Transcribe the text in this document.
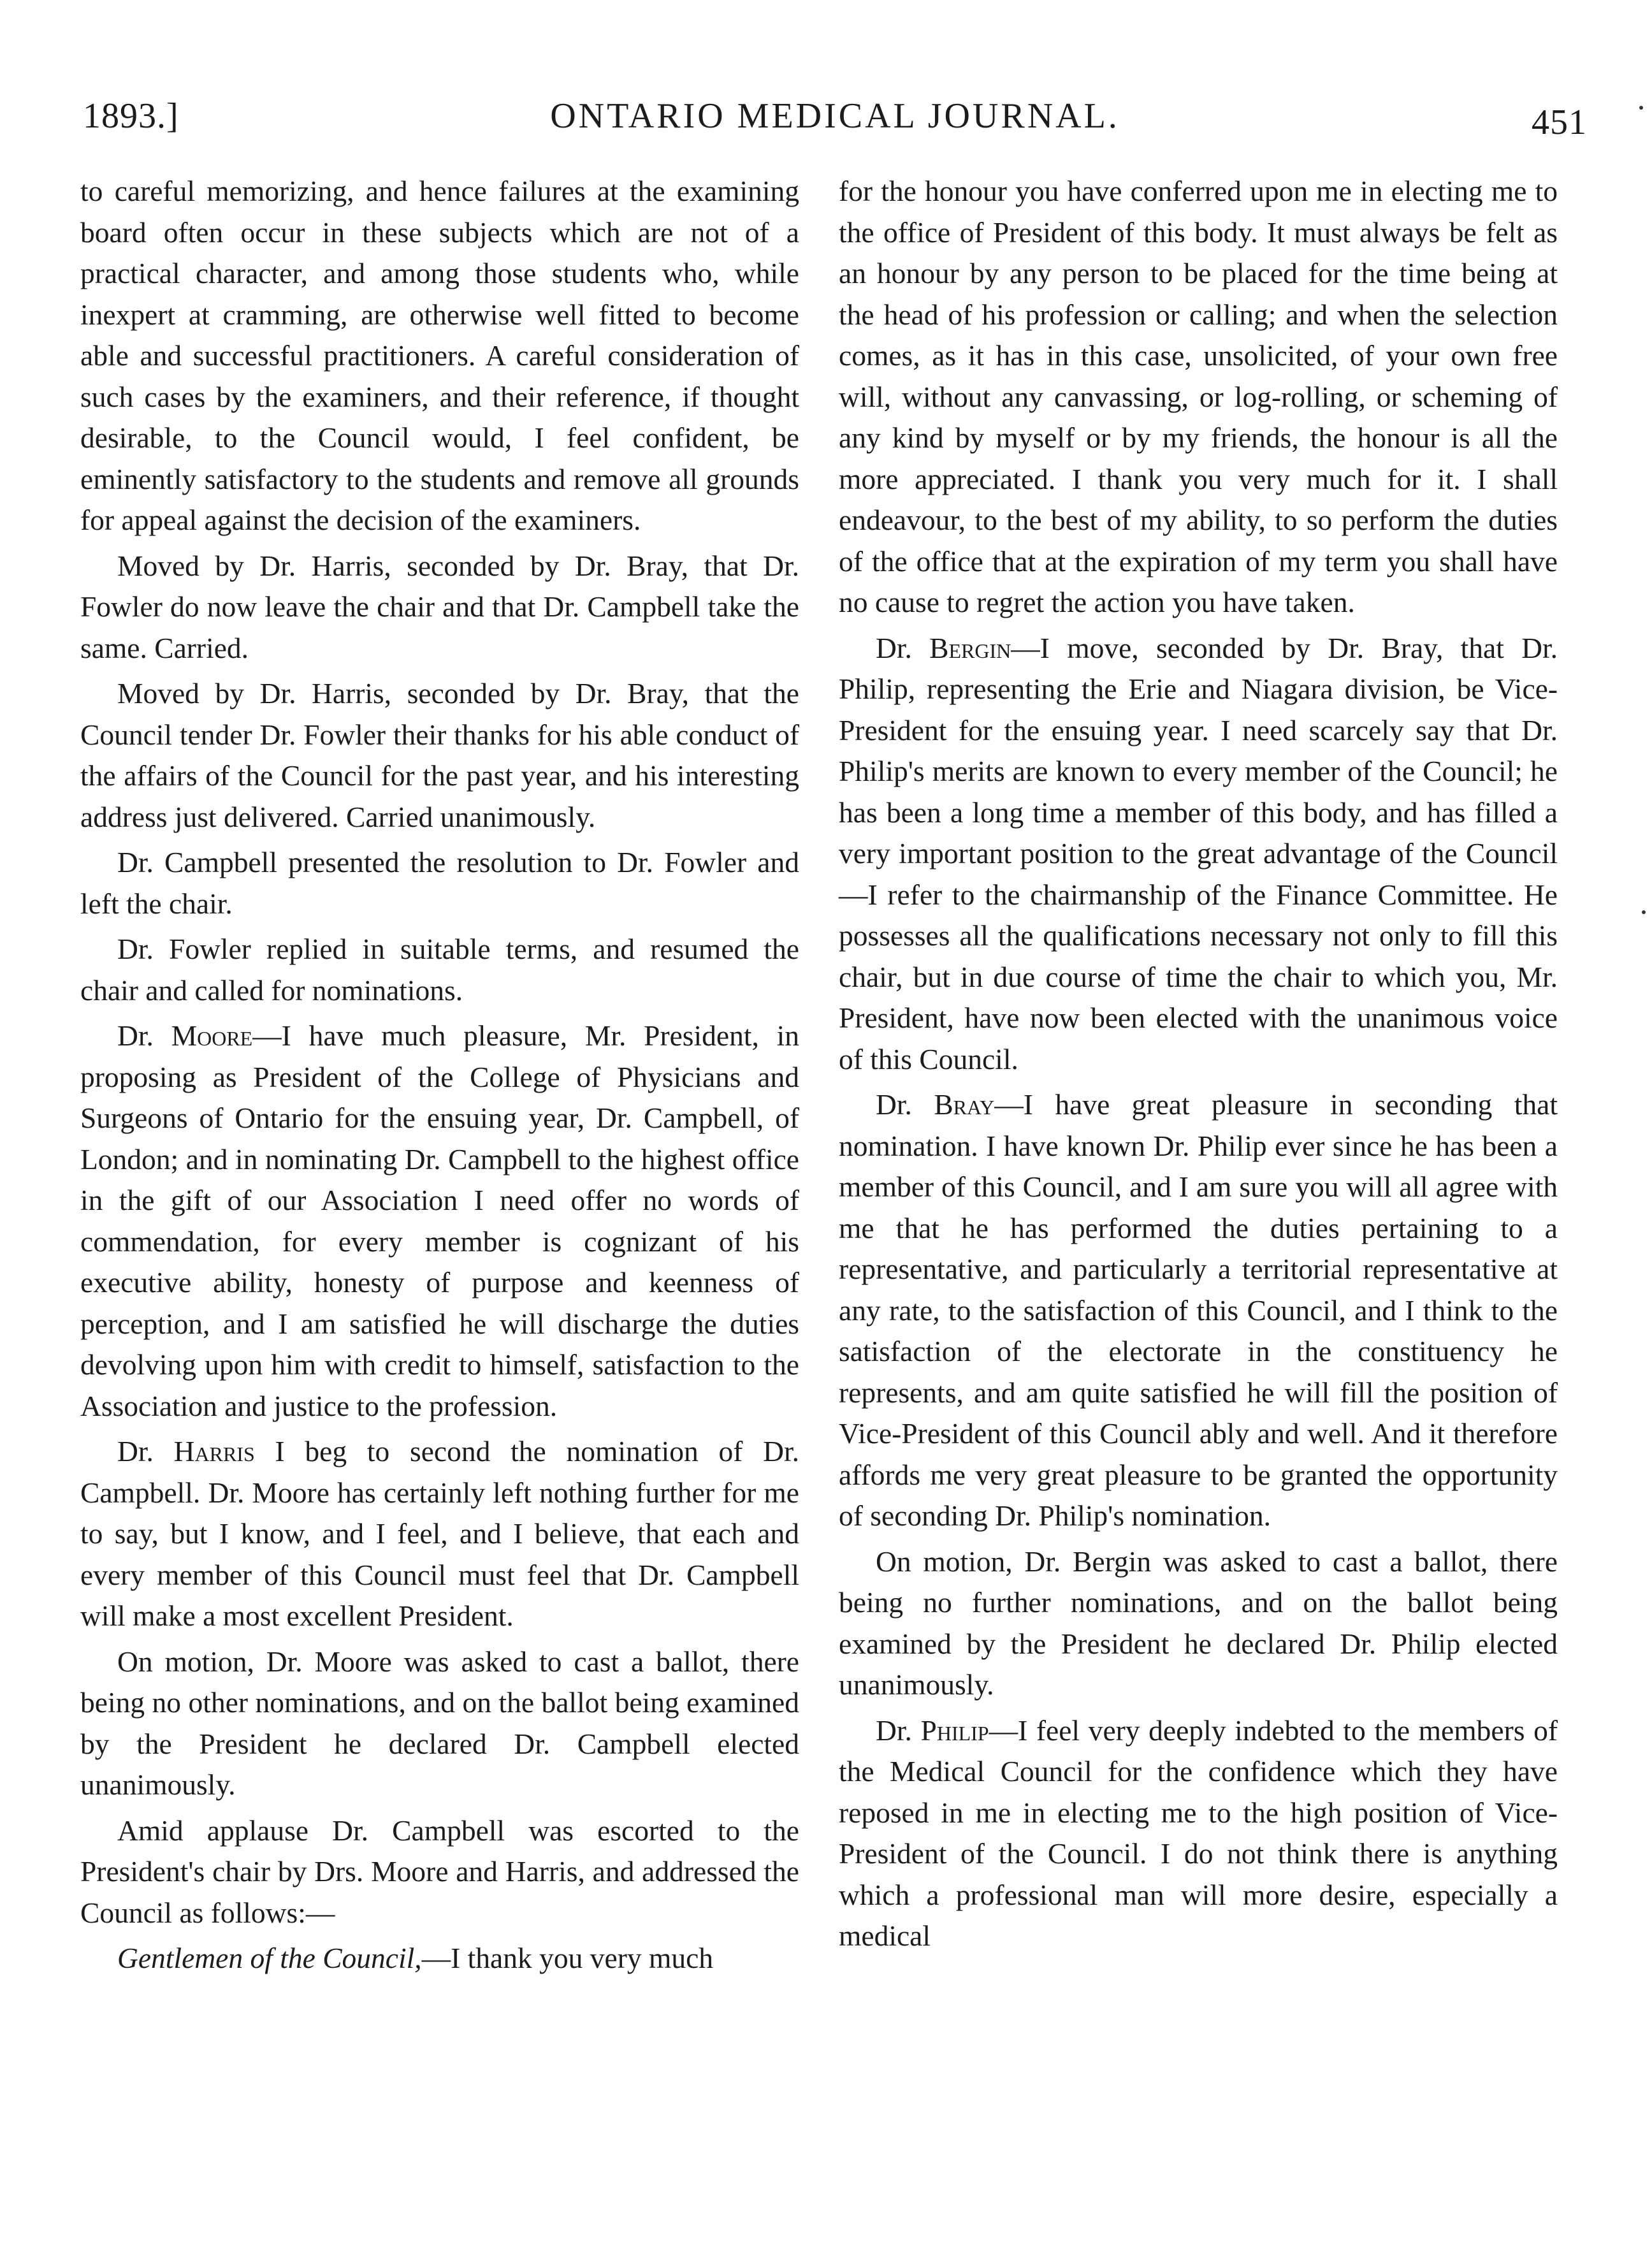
1893.]	ONTARIO MEDICAL JOURNAL.	451

to careful memorizing, and hence failures at the examining board often occur in these subjects which are not of a practical character, and among those students who, while inexpert at cramming, are otherwise well fitted to become able and successful practitioners. A careful consideration of such cases by the examiners, and their reference, if thought desirable, to the Council would, I feel confident, be eminently satisfactory to the students and remove all grounds for appeal against the decision of the examiners.

Moved by Dr. Harris, seconded by Dr. Bray, that Dr. Fowler do now leave the chair and that Dr. Campbell take the same. Carried.

Moved by Dr. Harris, seconded by Dr. Bray, that the Council tender Dr. Fowler their thanks for his able conduct of the affairs of the Council for the past year, and his interesting address just delivered. Carried unanimously.

Dr. Campbell presented the resolution to Dr. Fowler and left the chair.

Dr. Fowler replied in suitable terms, and resumed the chair and called for nominations.

Dr. Moore—I have much pleasure, Mr. President, in proposing as President of the College of Physicians and Surgeons of Ontario for the ensuing year, Dr. Campbell, of London; and in nominating Dr. Campbell to the highest office in the gift of our Association I need offer no words of commendation, for every member is cognizant of his executive ability, honesty of purpose and keenness of perception, and I am satisfied he will discharge the duties devolving upon him with credit to himself, satisfaction to the Association and justice to the profession.

Dr. Harris I beg to second the nomination of Dr. Campbell. Dr. Moore has certainly left nothing further for me to say, but I know, and I feel, and I believe, that each and every member of this Council must feel that Dr. Campbell will make a most excellent President.

On motion, Dr. Moore was asked to cast a ballot, there being no other nominations, and on the ballot being examined by the President he declared Dr. Campbell elected unanimously.

Amid applause Dr. Campbell was escorted to the President's chair by Drs. Moore and Harris, and addressed the Council as follows:—

Gentlemen of the Council,—I thank you very much

for the honour you have conferred upon me in electing me to the office of President of this body. It must always be felt as an honour by any person to be placed for the time being at the head of his profession or calling; and when the selection comes, as it has in this case, unsolicited, of your own free will, without any canvassing, or log-rolling, or scheming of any kind by myself or by my friends, the honour is all the more appreciated. I thank you very much for it. I shall endeavour, to the best of my ability, to so perform the duties of the office that at the expiration of my term you shall have no cause to regret the action you have taken.

Dr. Bergin—I move, seconded by Dr. Bray, that Dr. Philip, representing the Erie and Niagara division, be Vice-President for the ensuing year. I need scarcely say that Dr. Philip's merits are known to every member of the Council; he has been a long time a member of this body, and has filled a very important position to the great advantage of the Council—I refer to the chairmanship of the Finance Committee. He possesses all the qualifications necessary not only to fill this chair, but in due course of time the chair to which you, Mr. President, have now been elected with the unanimous voice of this Council.

Dr. Bray—I have great pleasure in seconding that nomination. I have known Dr. Philip ever since he has been a member of this Council, and I am sure you will all agree with me that he has performed the duties pertaining to a representative, and particularly a territorial representative at any rate, to the satisfaction of this Council, and I think to the satisfaction of the electorate in the constituency he represents, and am quite satisfied he will fill the position of Vice-President of this Council ably and well. And it therefore affords me very great pleasure to be granted the opportunity of seconding Dr. Philip's nomination.

On motion, Dr. Bergin was asked to cast a ballot, there being no further nominations, and on the ballot being examined by the President he declared Dr. Philip elected unanimously.

Dr. Philip—I feel very deeply indebted to the members of the Medical Council for the confidence which they have reposed in me in electing me to the high position of Vice-President of the Council. I do not think there is anything which a professional man will more desire, especially a medical
